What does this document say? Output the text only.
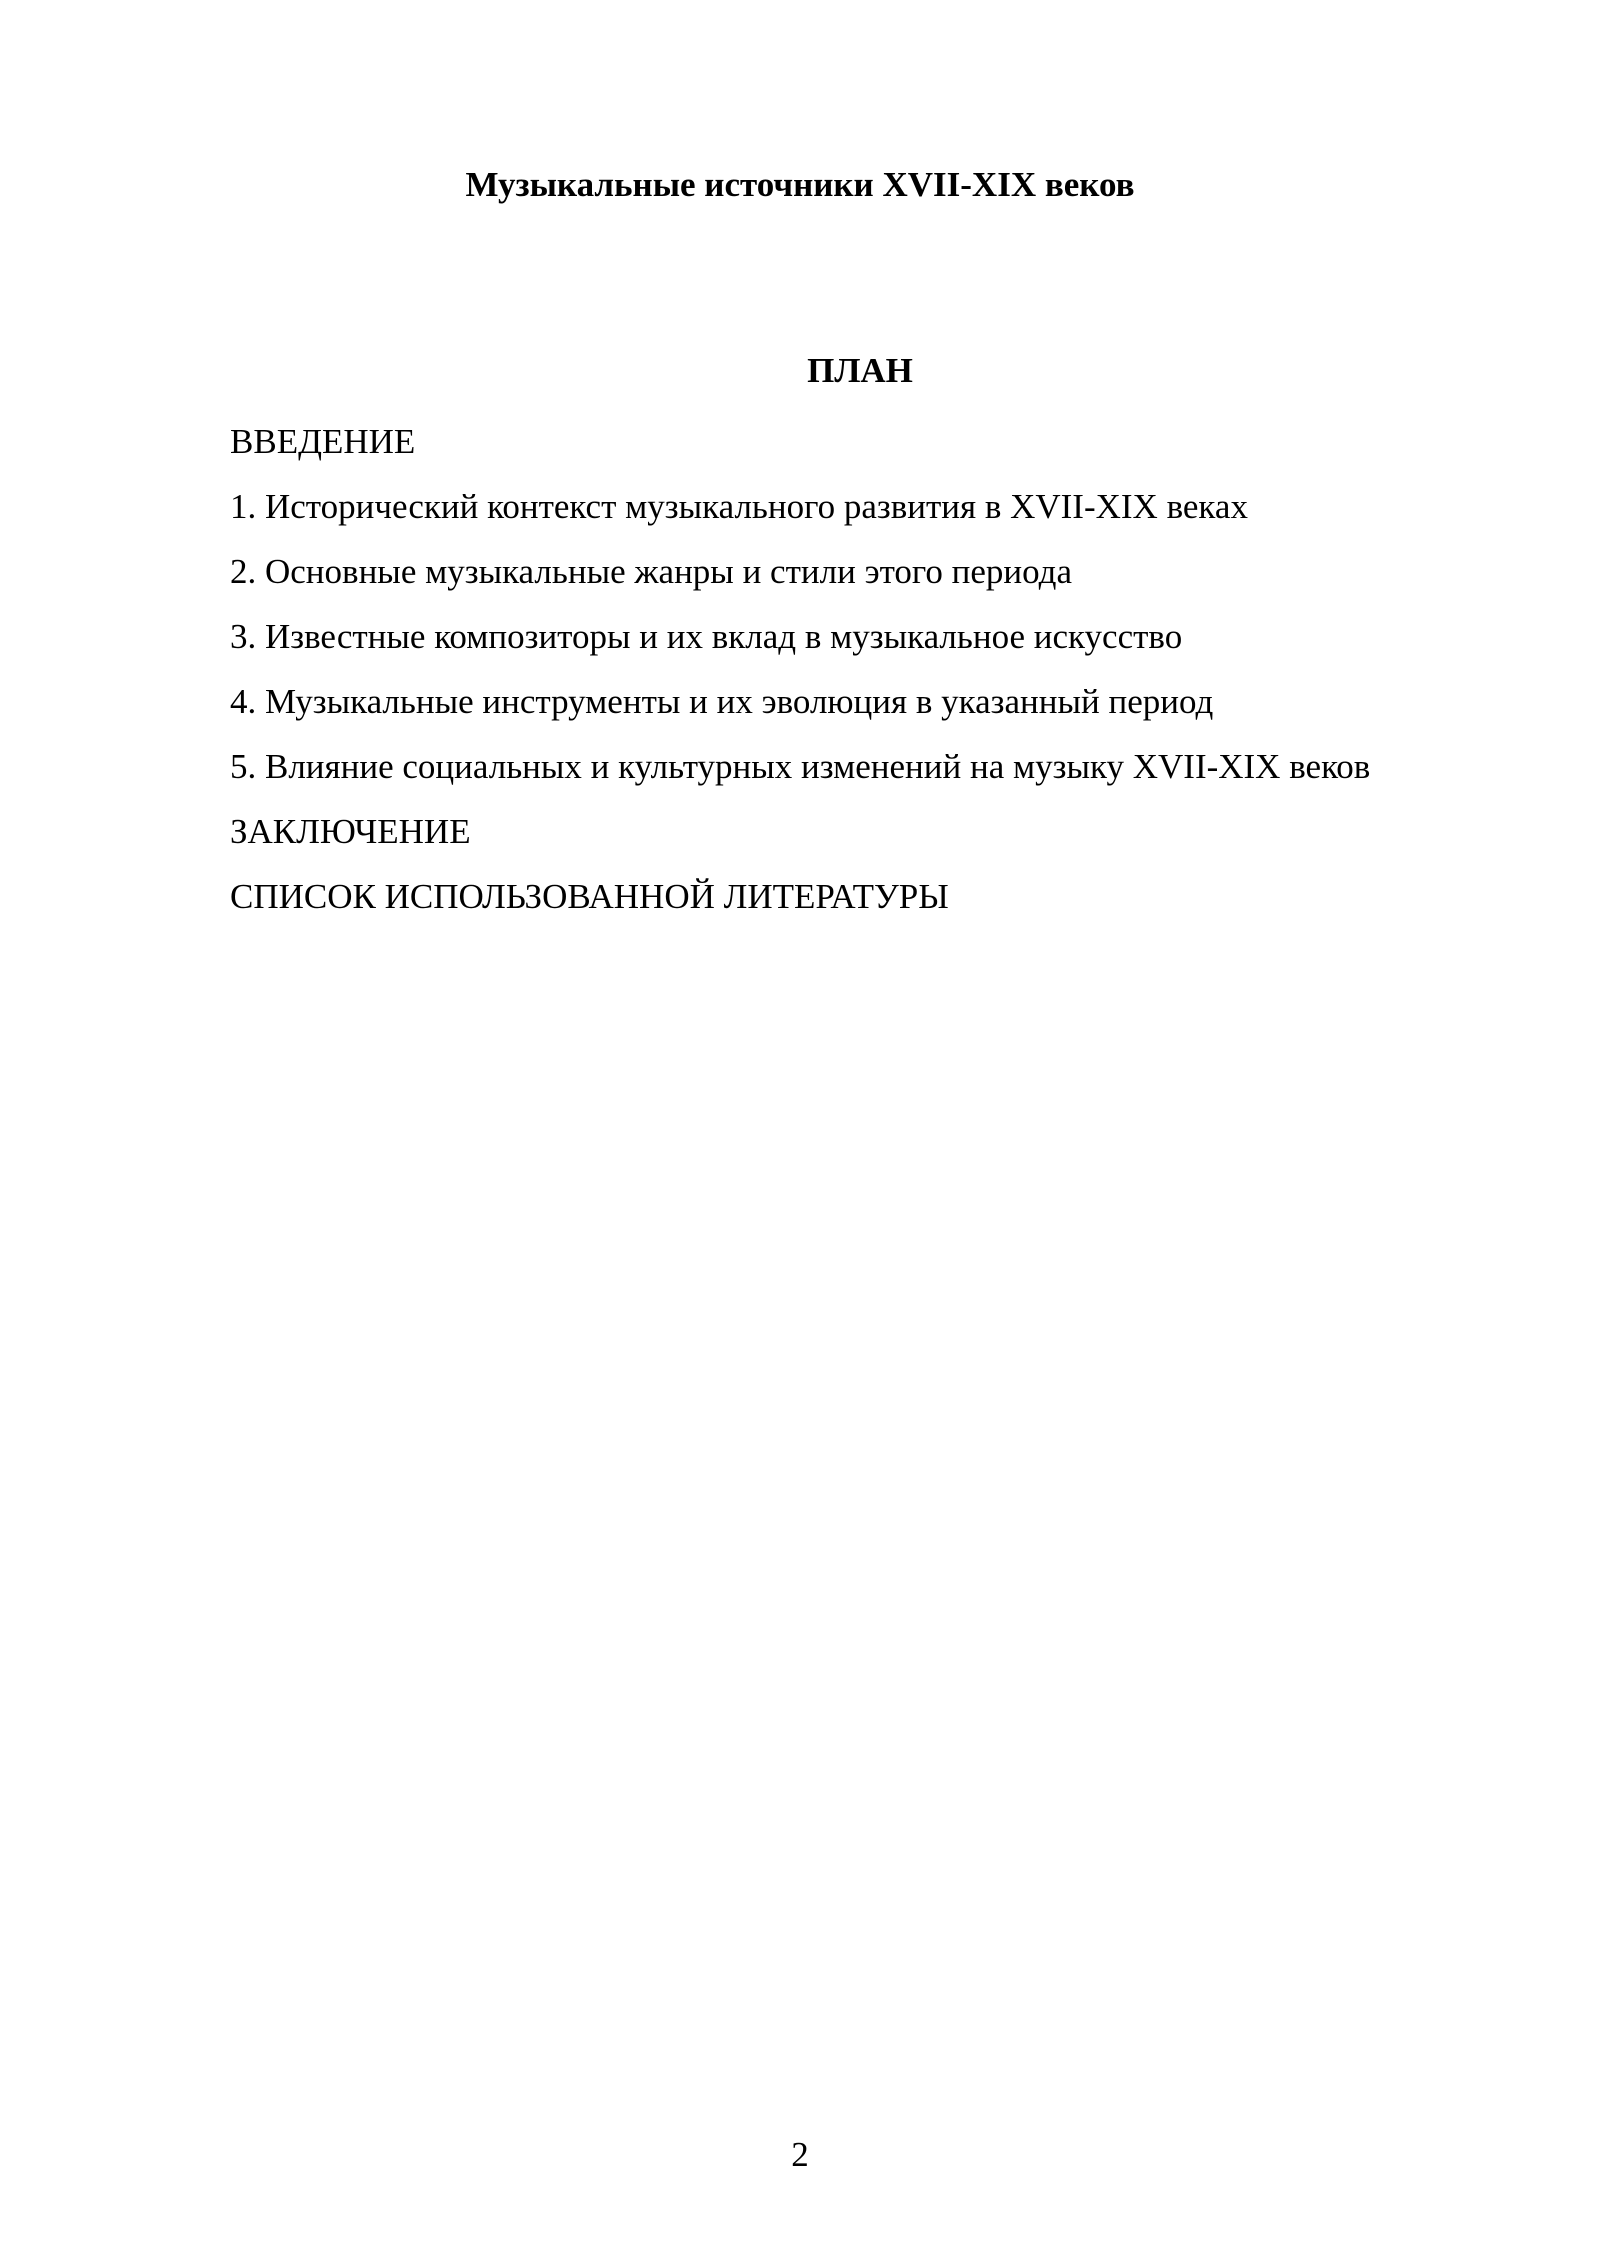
Музыкальные источники XVII-XIX веков
ПЛАН
ВВЕДЕНИЕ
1. Исторический контекст музыкального развития в XVII-XIX веках
2. Основные музыкальные жанры и стили этого периода
3. Известные композиторы и их вклад в музыкальное искусство
4. Музыкальные инструменты и их эволюция в указанный период
5. Влияние социальных и культурных изменений на музыку XVII-XIX веков
ЗАКЛЮЧЕНИЕ
СПИСОК ИСПОЛЬЗОВАННОЙ ЛИТЕРАТУРЫ
2
